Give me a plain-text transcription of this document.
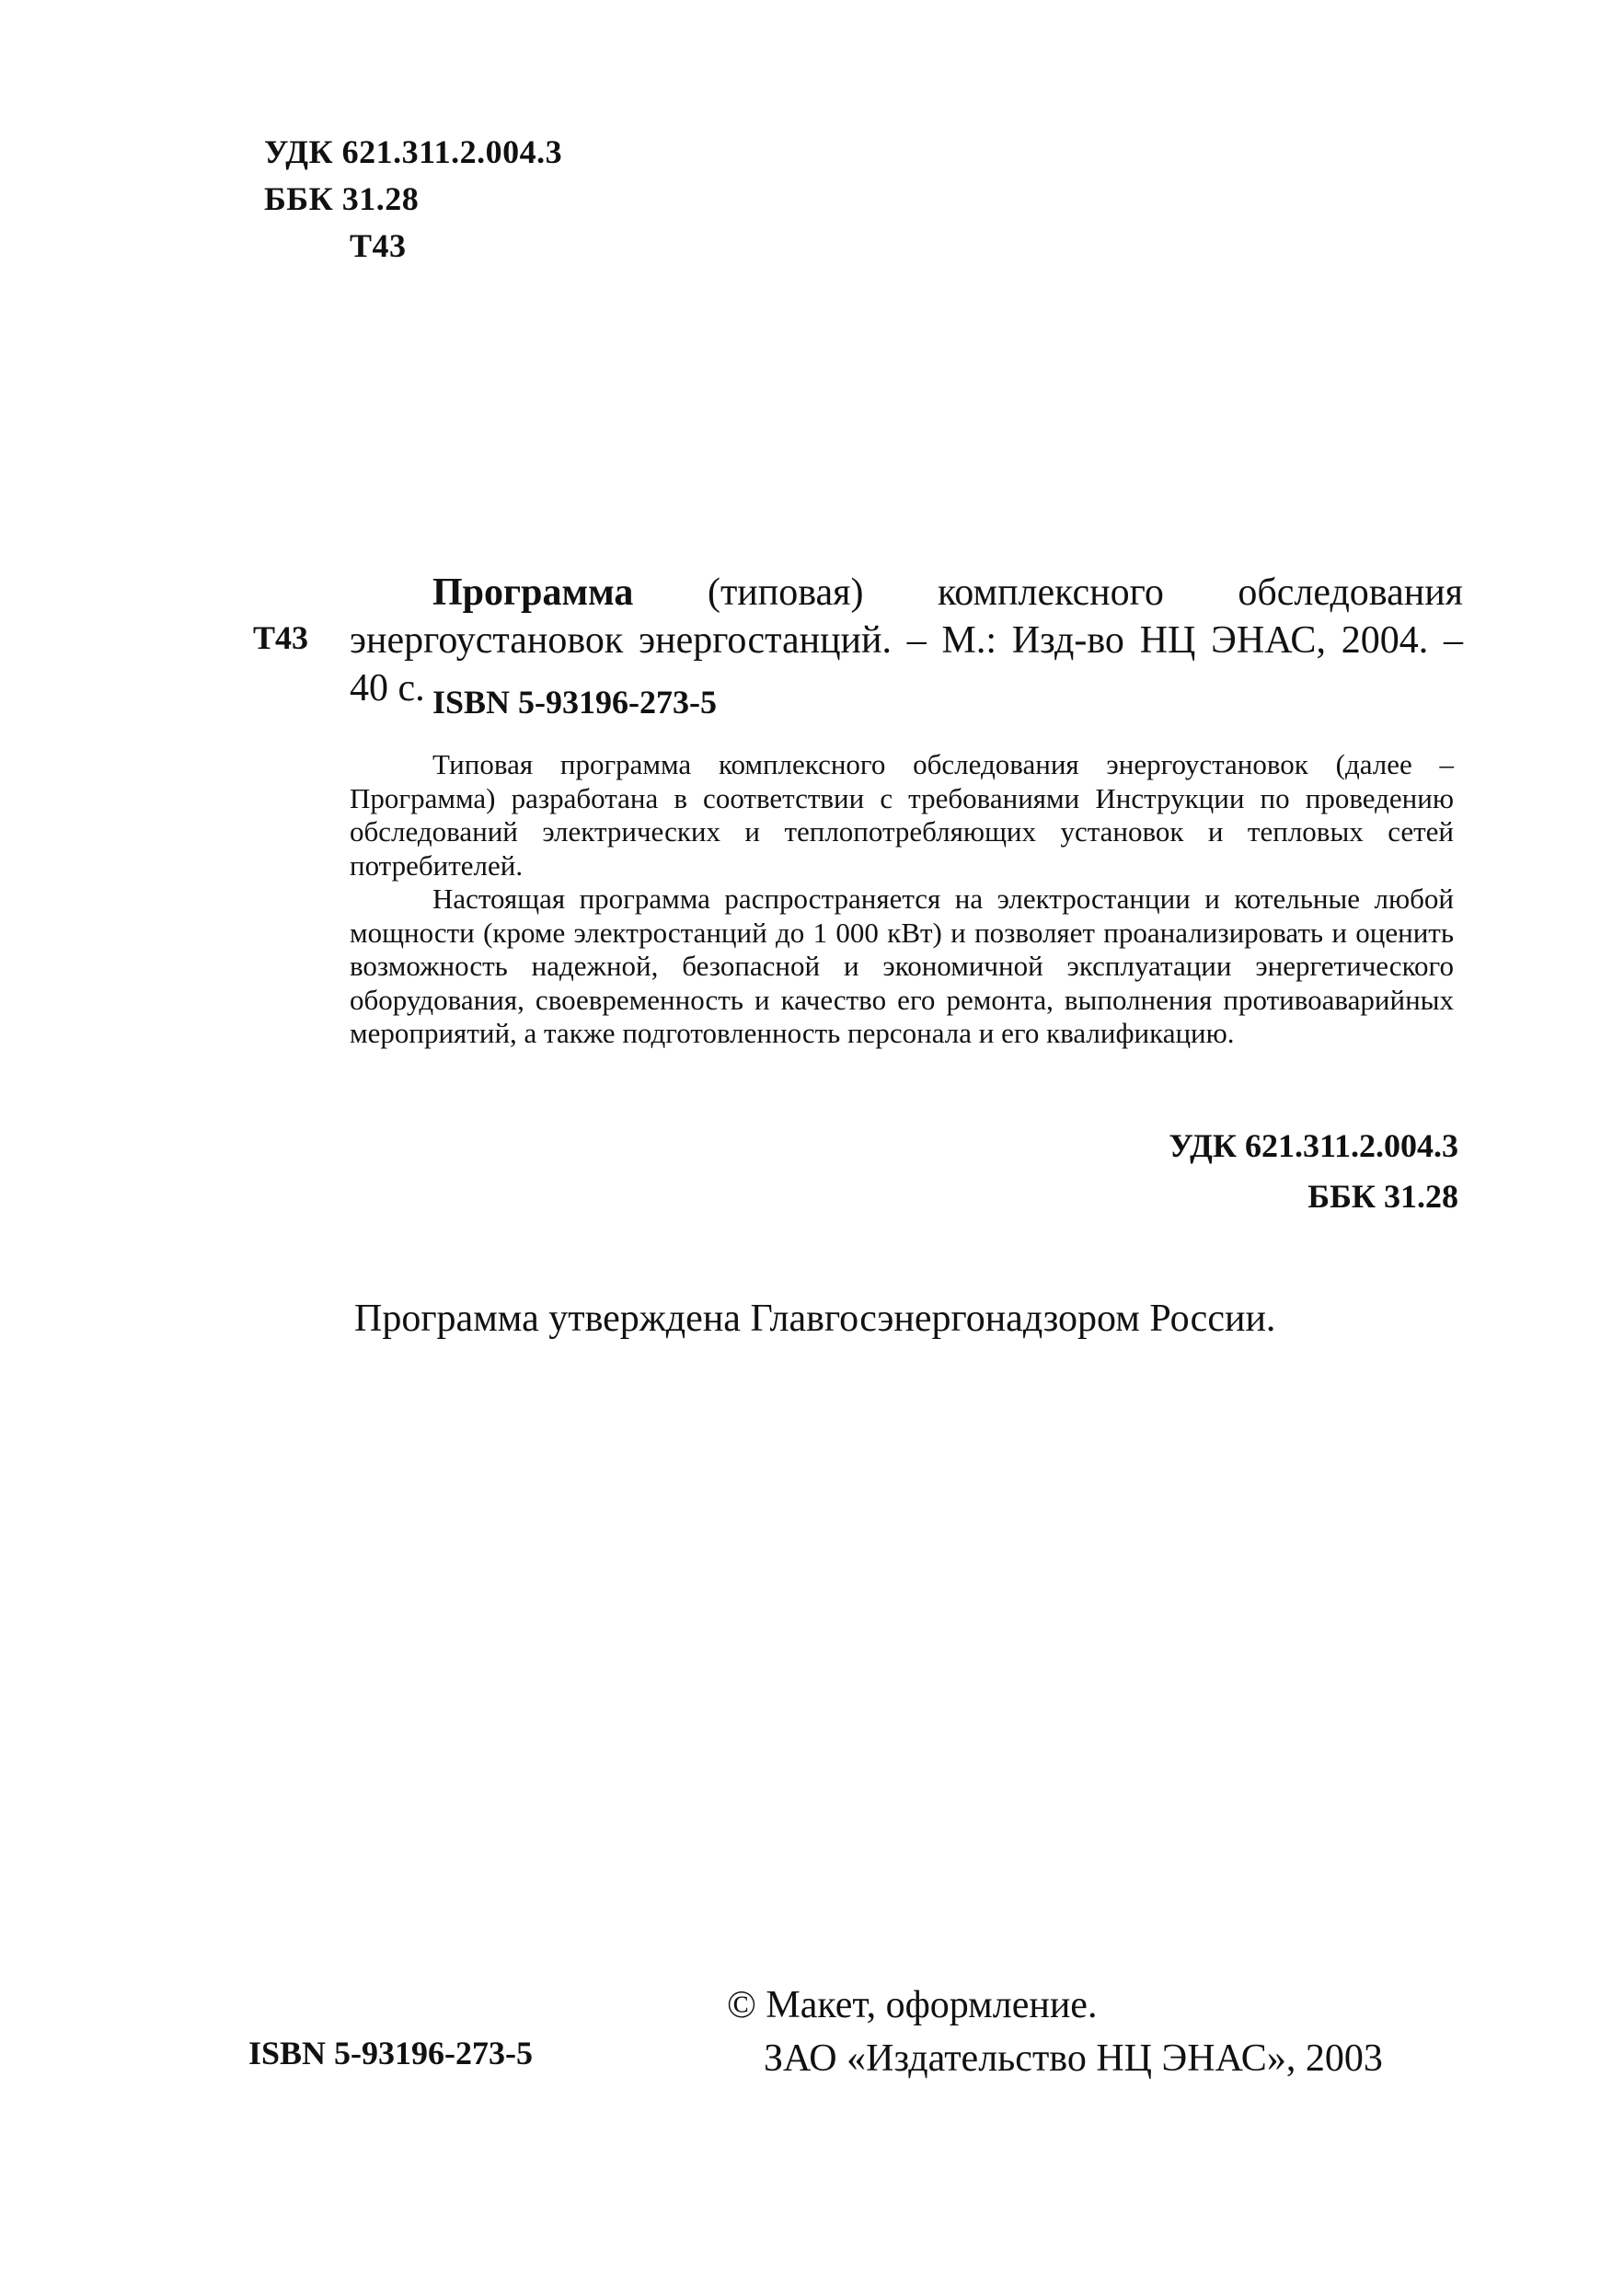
УДК 621.311.2.004.3
ББК 31.28
Т43
Т43

Программа (типовая) комплексного обследования энергоустановок энергостанций. – М.: Изд-во НЦ ЭНАС, 2004. – 40 с. ISBN 5-93196-273-5

Типовая программа комплексного обследования энергоустановок (далее – Программа) разработана в соответствии с требованиями Инструкции по проведению обследований электрических и теплопотребляющих установок и тепловых сетей потребителей.

Настоящая программа распространяется на электростанции и котельные любой мощности (кроме электростанций до 1 000 кВт) и позволяет проанализировать и оценить возможность надежной, безопасной и экономичной эксплуатации энергетического оборудования, своевременность и качество его ремонта, выполнения противоаварийных мероприятий, а также подготовленность персонала и его квалификацию.

УДК 621.311.2.004.3
ББК 31.28
Программа утверждена Главгосэнергонадзором России.
ISBN 5-93196-273-5
© Макет, оформление.
ЗАО «Издательство НЦ ЭНАС», 2003
